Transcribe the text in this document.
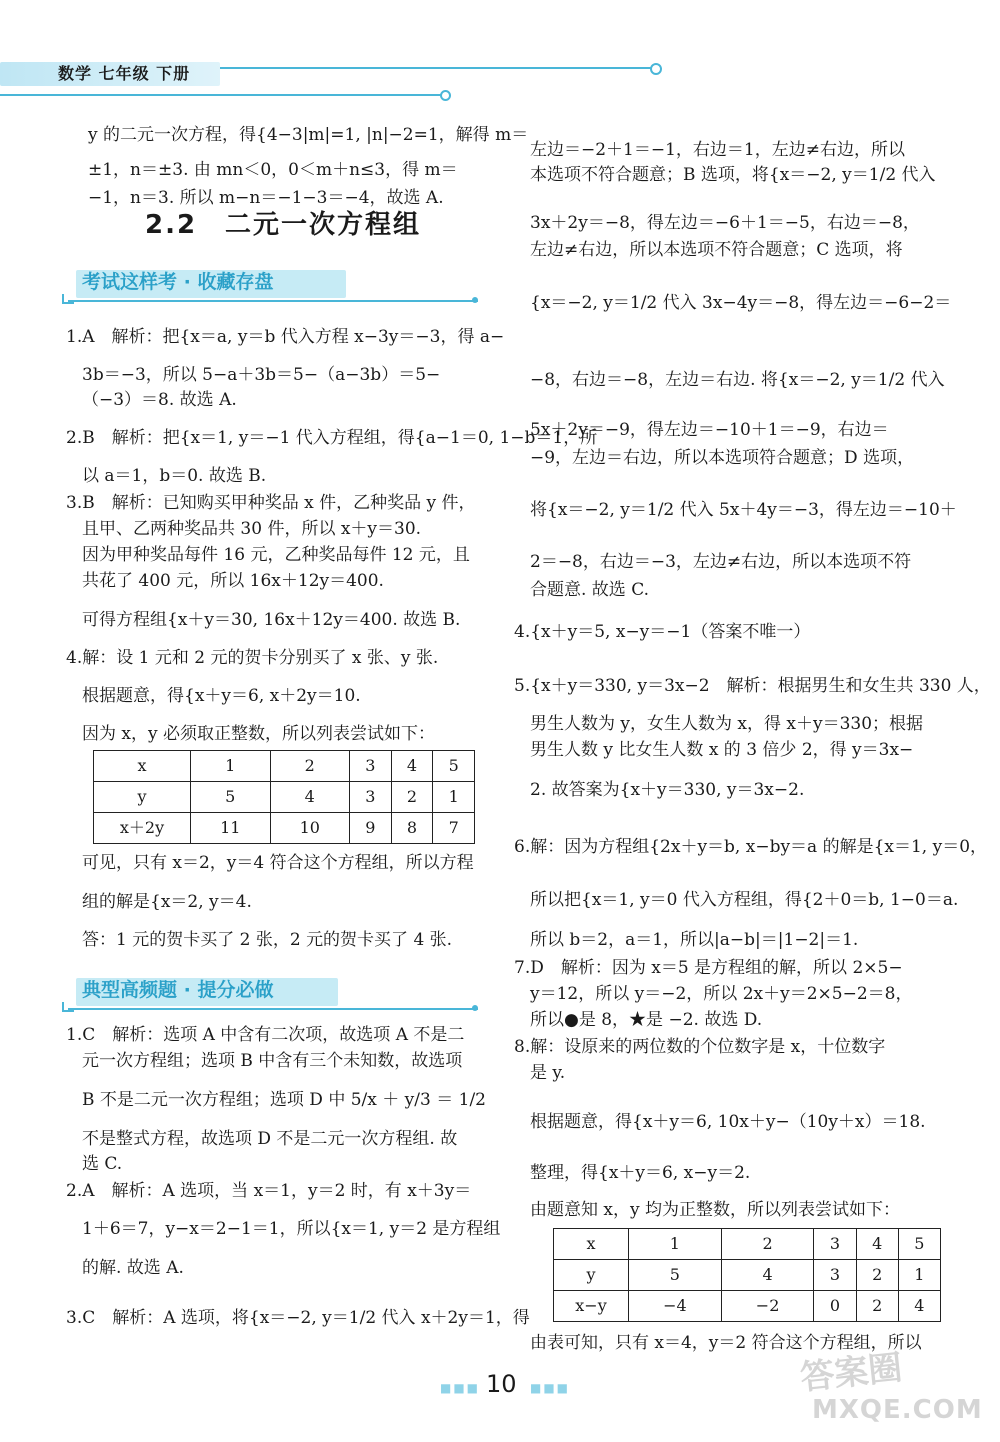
数学 七年级 下册

y 的二元一次方程，得{4−3|m|=1, |n|−2=1，解得 m＝

±1，n＝±3. 由 mn＜0，0＜m＋n≤3，得 m＝

−1，n＝3. 所以 m−n＝−1−3＝−4，故选 A.

2.2　二元一次方程组
考试这样考 · 收藏存盘

1.A　解析：把{x＝a, y＝b 代入方程 x−3y＝−3，得 a−

3b＝−3，所以 5−a＋3b＝5−（a−3b）＝5−

（−3）＝8. 故选 A.

2.B　解析：把{x＝1, y＝−1 代入方程组，得{a−1＝0, 1−b＝1，所

以 a＝1，b＝0. 故选 B.

3.B　解析：已知购买甲种奖品 x 件，乙种奖品 y 件，

且甲、乙两种奖品共 30 件，所以 x＋y＝30.

因为甲种奖品每件 16 元，乙种奖品每件 12 元，且

共花了 400 元，所以 16x＋12y＝400.

可得方程组{x＋y＝30, 16x＋12y＝400. 故选 B.

4.解：设 1 元和 2 元的贺卡分别买了 x 张、y 张.

根据题意，得{x＋y＝6, x＋2y＝10.

因为 x，y 必须取正整数，所以列表尝试如下：

x	1	2	3	4	5
y	5	4	3	2	1
x＋2y	11	10	9	8	7

可见，只有 x＝2，y＝4 符合这个方程组，所以方程

组的解是{x＝2, y＝4.

答：1 元的贺卡买了 2 张，2 元的贺卡买了 4 张.

典型高频题 · 提分必做

1.C　解析：选项 A 中含有二次项，故选项 A 不是二

元一次方程组；选项 B 中含有三个未知数，故选项

B 不是二元一次方程组；选项 D 中 5/x ＋ y/3 ＝ 1/2

不是整式方程，故选项 D 不是二元一次方程组. 故

选 C.

2.A　解析：A 选项，当 x＝1，y＝2 时，有 x＋3y＝

1＋6＝7，y−x＝2−1＝1，所以{x＝1, y＝2 是方程组

的解. 故选 A.

3.C　解析：A 选项，将{x＝−2, y＝1/2 代入 x＋2y＝1，得

左边＝−2＋1＝−1，右边＝1，左边≠右边，所以

本选项不符合题意；B 选项，将{x＝−2, y＝1/2 代入

3x＋2y＝−8，得左边＝−6＋1＝−5，右边＝−8，

左边≠右边，所以本选项不符合题意；C 选项，将

{x＝−2, y＝1/2 代入 3x−4y＝−8，得左边＝−6−2＝

−8，右边＝−8，左边＝右边. 将{x＝−2, y＝1/2 代入

5x＋2y＝−9，得左边＝−10＋1＝−9，右边＝

−9，左边＝右边，所以本选项符合题意；D 选项，

将{x＝−2, y＝1/2 代入 5x＋4y＝−3，得左边＝−10＋

2＝−8，右边＝−3，左边≠右边，所以本选项不符

合题意. 故选 C.

4.{x＋y＝5, x−y＝−1（答案不唯一）

5.{x＋y＝330, y＝3x−2　解析：根据男生和女生共 330 人，

男生人数为 y，女生人数为 x，得 x＋y＝330；根据

男生人数 y 比女生人数 x 的 3 倍少 2，得 y＝3x−

2. 故答案为{x＋y＝330, y＝3x−2.

6.解：因为方程组{2x＋y＝b, x−by＝a 的解是{x＝1, y＝0，

所以把{x＝1, y＝0 代入方程组，得{2＋0＝b, 1−0＝a.

所以 b＝2，a＝1，所以|a−b|＝|1−2|＝1.

7.D　解析：因为 x＝5 是方程组的解，所以 2×5−

y＝12，所以 y＝−2，所以 2x＋y＝2×5−2＝8，

所以●是 8，★是 −2. 故选 D.

8.解：设原来的两位数的个位数字是 x，十位数字

是 y.

根据题意，得{x＋y＝6, 10x＋y−（10y＋x）＝18.

整理，得{x＋y＝6, x−y＝2.

由题意知 x，y 均为正整数，所以列表尝试如下：

x	1	2	3	4	5
y	5	4	3	2	1
x−y	−4	−2	0	2	4

由表可知，只有 x＝4，y＝2 符合这个方程组，所以

■■■ 10 ■■■	答案圈
MXQE.COM
